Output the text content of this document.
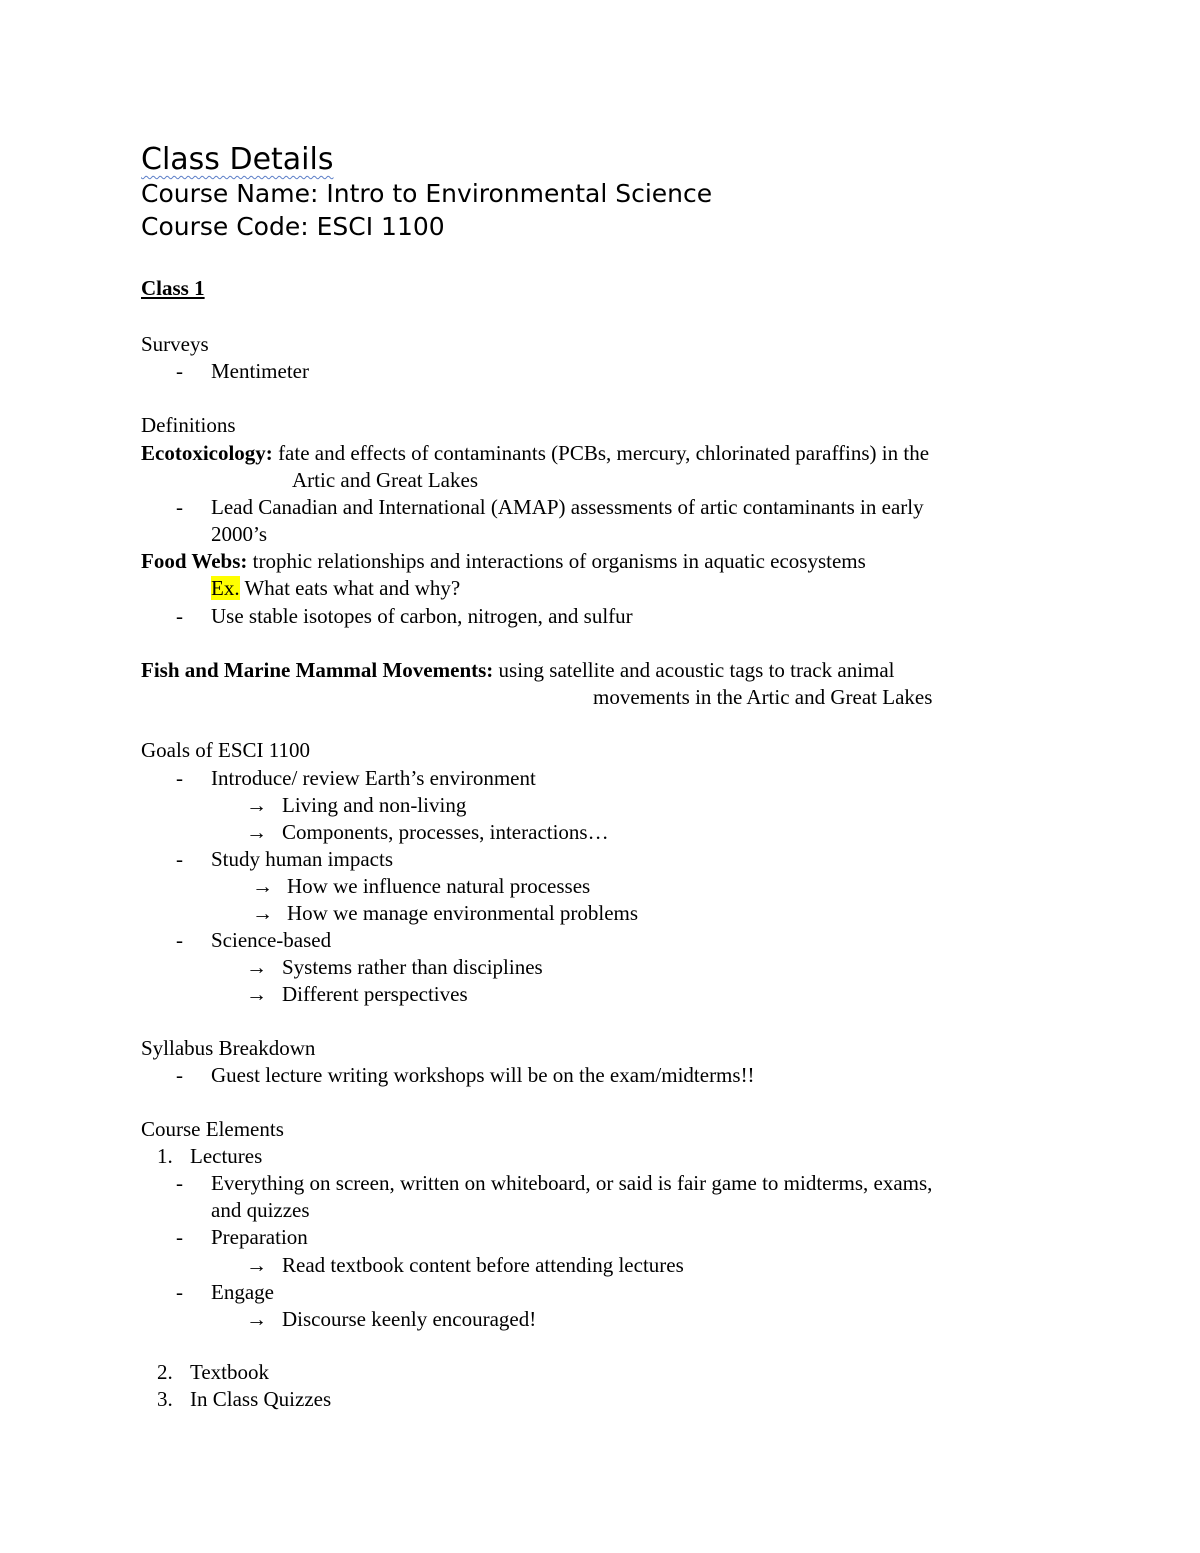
Class Details
Course Name: Intro to Environmental Science
Course Code: ESCI 1100
Class 1
Surveys
- Mentimeter
Definitions
Ecotoxicology: fate and effects of contaminants (PCBs, mercury, chlorinated paraffins) in the
Artic and Great Lakes
- Lead Canadian and International (AMAP) assessments of artic contaminants in early
2000’s
Food Webs: trophic relationships and interactions of organisms in aquatic ecosystems
Ex. What eats what and why?
- Use stable isotopes of carbon, nitrogen, and sulfur
Fish and Marine Mammal Movements: using satellite and acoustic tags to track animal
movements in the Artic and Great Lakes
Goals of ESCI 1100
- Introduce/ review Earth’s environment
→ Living and non-living
→ Components, processes, interactions…
- Study human impacts
→ How we influence natural processes
→ How we manage environmental problems
- Science-based
→ Systems rather than disciplines
→ Different perspectives
Syllabus Breakdown
- Guest lecture writing workshops will be on the exam/midterms!!
Course Elements
1. Lectures
- Everything on screen, written on whiteboard, or said is fair game to midterms, exams,
and quizzes
- Preparation
→ Read textbook content before attending lectures
- Engage
→ Discourse keenly encouraged!
2. Textbook
3. In Class Quizzes
